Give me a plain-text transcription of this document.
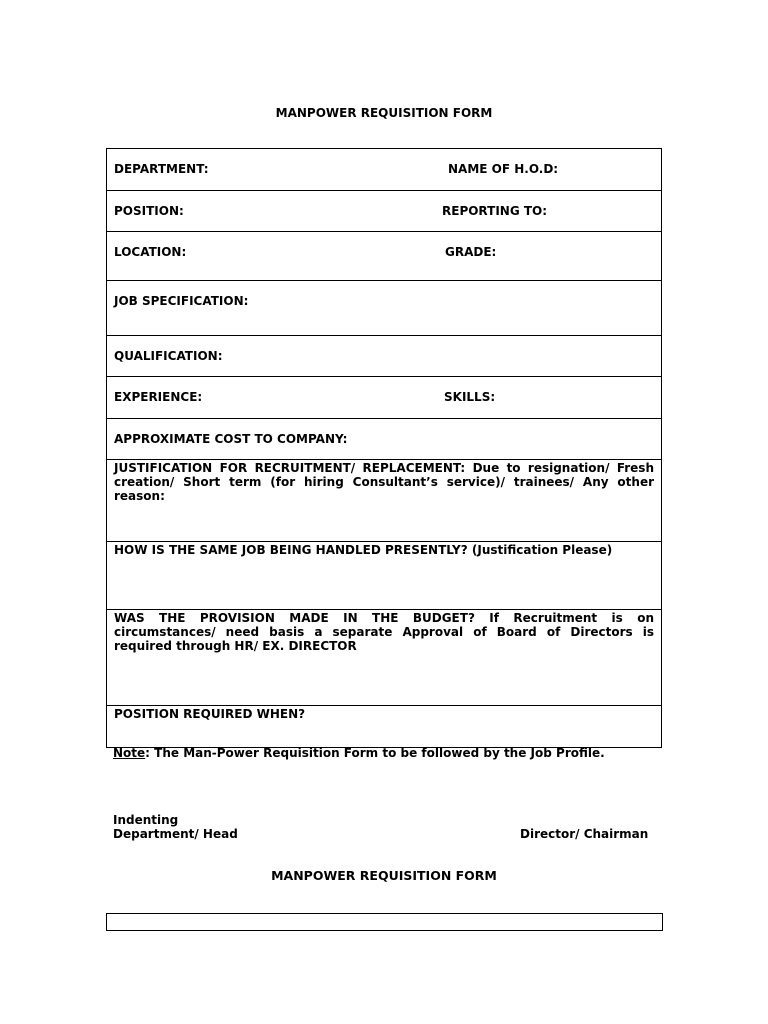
MANPOWER REQUISITION FORM
DEPARTMENT:	NAME OF H.O.D:

POSITION:	REPORTING TO:

LOCATION:	GRADE:

JOB SPECIFICATION:

QUALIFICATION:

EXPERIENCE:	SKILLS:

APPROXIMATE COST TO COMPANY:

JUSTIFICATION FOR RECRUITMENT/ REPLACEMENT: Due to resignation/ Fresh creation/ Short term (for hiring Consultant’s service)/ trainees/ Any other reason:

HOW IS THE SAME JOB BEING HANDLED PRESENTLY? (Justification Please)

WAS THE PROVISION MADE IN THE BUDGET? If Recruitment is on circumstances/ need basis a separate Approval of Board of Directors is required through HR/ EX. DIRECTOR

POSITION REQUIRED WHEN?
Note: The Man-Power Requisition Form to be followed by the Job Profile.
Indenting
Department/ Head	Director/ Chairman
MANPOWER REQUISITION FORM
